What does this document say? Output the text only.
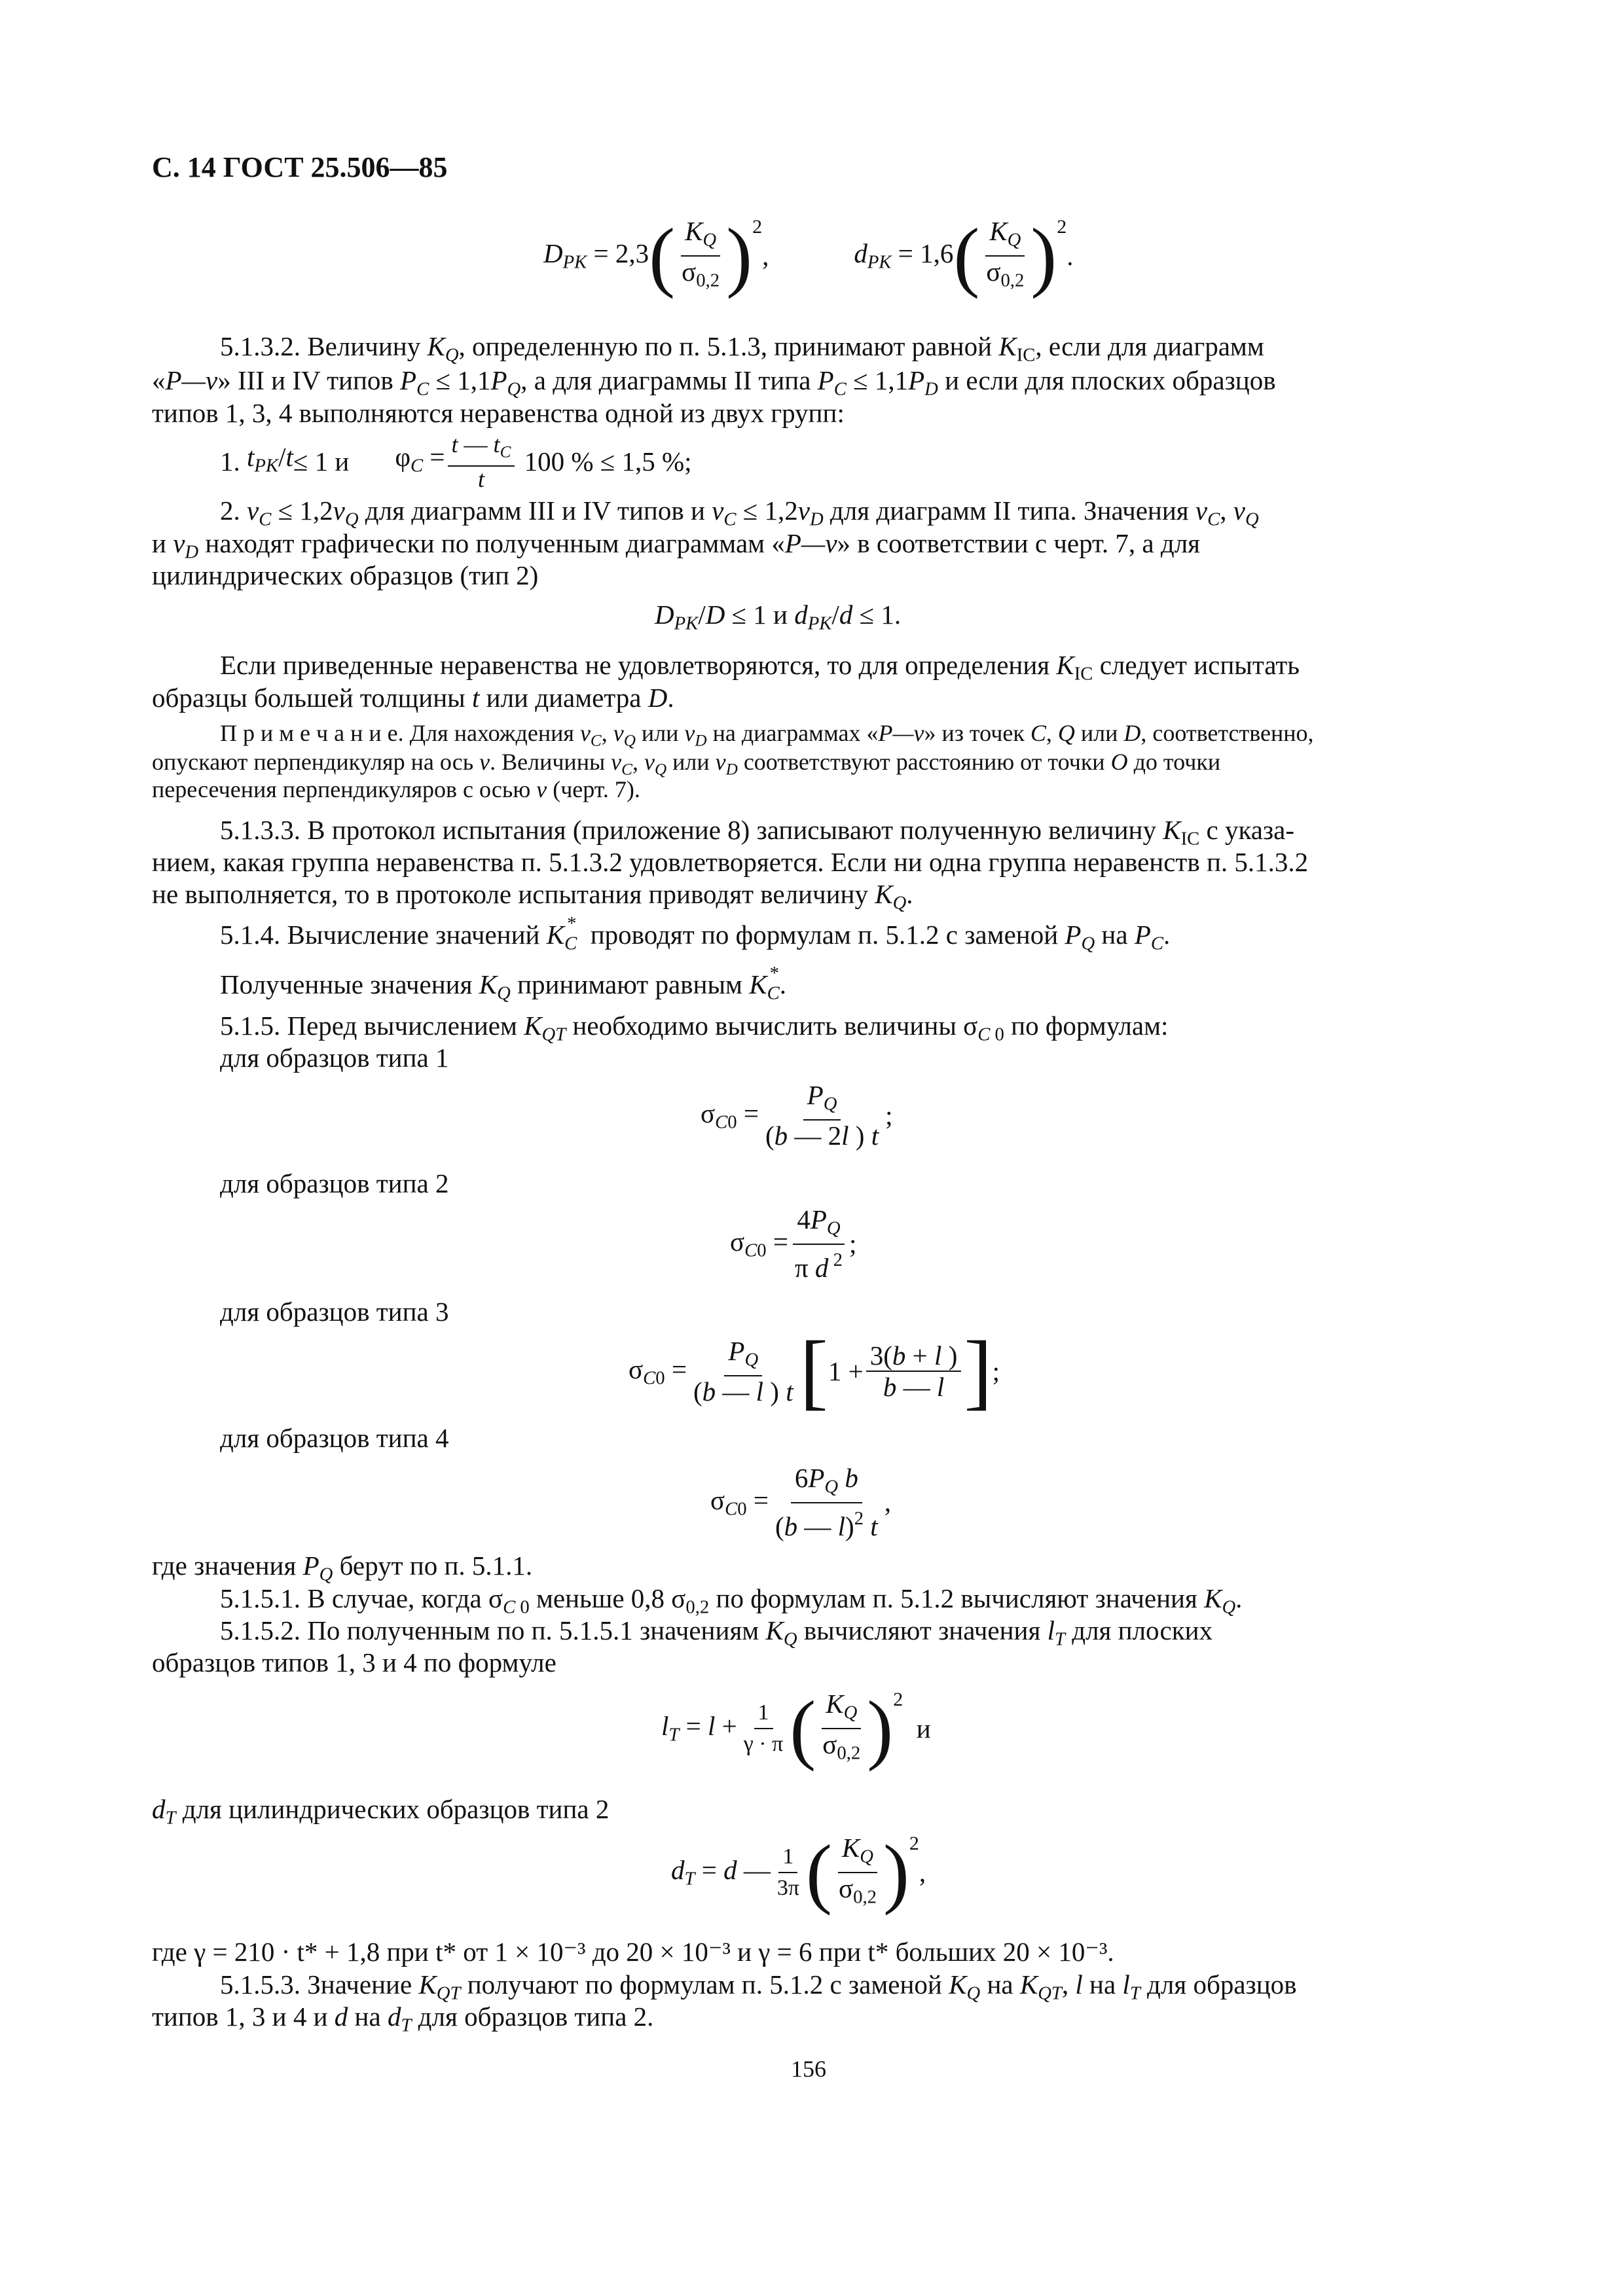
С. 14 ГОСТ 25.506—85
$D_{PK} = 2,3$ ( $\frac{K_Q}{\sigma_{0,2}}$ ) 2
,	$d_{PK} = 1,6$ ( $\frac{K_Q}{\sigma_{0,2}}$ ) 2
.
5.1.3.2. Величину $K_Q$, определенную по п. 5.1.3, принимают равной $K_{IC}$, если для диаграмм
«P—v» III и IV типов $P_C \le 1,1P_Q$, а для диаграммы II типа $P_C \le 1,1P_D$ и если для плоских образцов
типов 1, 3, 4 выполняются неравенства одной из двух групп:
1. $t_{PK}/t \le 1$ и $\varphi_C = \frac{t — t_C}{t}$
100 % ≤ 1,5 %;
2. $v_C \le 1,2v_Q$ для диаграмм III и IV типов и $v_C \le 1,2v_D$ для диаграмм II типа. Значения $v_C$, $v_Q$
и $v_D$ находят графически по полученным диаграммам «P—v» в соответствии с черт. 7, а для
цилиндрических образцов (тип 2)
$D_{PK}/D \le 1$ и $d_{PK}/d \le 1$.
Если приведенные неравенства не удовлетворяются, то для определения $K_{IC}$ следует испытать
образцы большей толщины t или диаметра D.
П р и м е ч а н и е. Для нахождения $v_C$, $v_Q$ или $v_D$ на диаграммах «P—v» из точек C, Q или D, соответственно,
опускают перпендикуляр на ось v. Величины $v_C$, $v_Q$ или $v_D$ соответствуют расстоянию от точки O до точки
пересечения перпендикуляров с осью v (черт. 7).
5.1.3.3. В протокол испытания (приложение 8) записывают полученную величину $K_{IC}$ с указа-
нием, какая группа неравенства п. 5.1.3.2 удовлетворяется. Если ни одна группа неравенств п. 5.1.3.2
не выполняется, то в протоколе испытания приводят величину $K_Q$.
5.1.4. Вычисление значений K *
$_C$  проводят по формулам п. 5.1.2 с заменой $P_Q$ на $P_C$.
Полученные значения $K_Q$ принимают равным K *
$_C$.
5.1.5. Перед вычислением $K_{QT}$ необходимо вычислить величины $\sigma_{C 0}$ по формулам:
для образцов типа 1
$\sigma_{C0} = \frac{P_Q}{(b — 2l ) t}$ ;
для образцов типа 2
$\sigma_{C0} = \frac{4P_Q}{\pi d ^2}$ ;
для образцов типа 3
$\sigma_{C0} = \frac{P_Q}{(b — l ) t}$ [ $1 + \frac{3(b + l )}{b — l}$ ] ;
для образцов типа 4
$\sigma_{C0} = \frac{6P_Q b}{(b — l)^2 t}$ ,
где значения $P_Q$ берут по п. 5.1.1.
5.1.5.1. В случае, когда $\sigma_{C 0}$ меньше 0,8 $\sigma_{0,2}$ по формулам п. 5.1.2 вычисляют значения $K_Q$.
5.1.5.2. По полученным по п. 5.1.5.1 значениям $K_Q$ вычисляют значения $l_T$ для плоских
образцов типов 1, 3 и 4 по формуле
$l_T = l + \frac{1}{\gamma \cdot \pi}$ ( $\frac{K_Q}{\sigma_{0,2}}$ ) 2
и
$d_T$ для цилиндрических образцов типа 2
$d_T = d$ — $\frac{1}{3\pi}$ ( $\frac{K_Q}{\sigma_{0,2}}$ ) 2
,
где γ = 210 · t* + 1,8 при t* от 1 × 10⁻³ до 20 × 10⁻³ и γ = 6 при t* больших 20 × 10⁻³.
5.1.5.3. Значение $K_{QT}$ получают по формулам п. 5.1.2 с заменой $K_Q$ на $K_{QT}$, l на $l_T$ для образцов
типов 1, 3 и 4 и d на $d_T$ для образцов типа 2.
156
